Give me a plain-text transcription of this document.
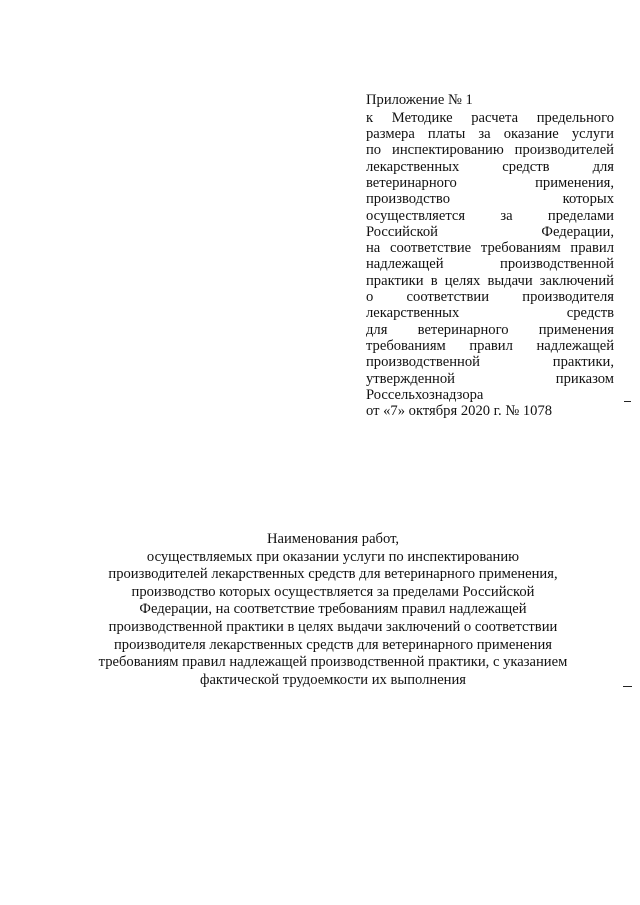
Приложение № 1
к Методике расчета предельного
размера платы за оказание услуги
по инспектированию производителей
лекарственных средств для
ветеринарного применения,
производство которых
осуществляется за пределами
Российской Федерации,
на соответствие требованиям правил
надлежащей производственной
практики в целях выдачи заключений
о соответствии производителя
лекарственных средств
для ветеринарного применения
требованиям правил надлежащей
производственной практики,
утвержденной приказом
Россельхознадзора
от «7» октября 2020 г. № 1078
Наименования работ,
осуществляемых при оказании услуги по инспектированию
производителей лекарственных средств для ветеринарного применения,
производство которых осуществляется за пределами Российской
Федерации, на соответствие требованиям правил надлежащей
производственной практики в целях выдачи заключений о соответствии
производителя лекарственных средств для ветеринарного применения
требованиям правил надлежащей производственной практики, с указанием
фактической трудоемкости их выполнения
